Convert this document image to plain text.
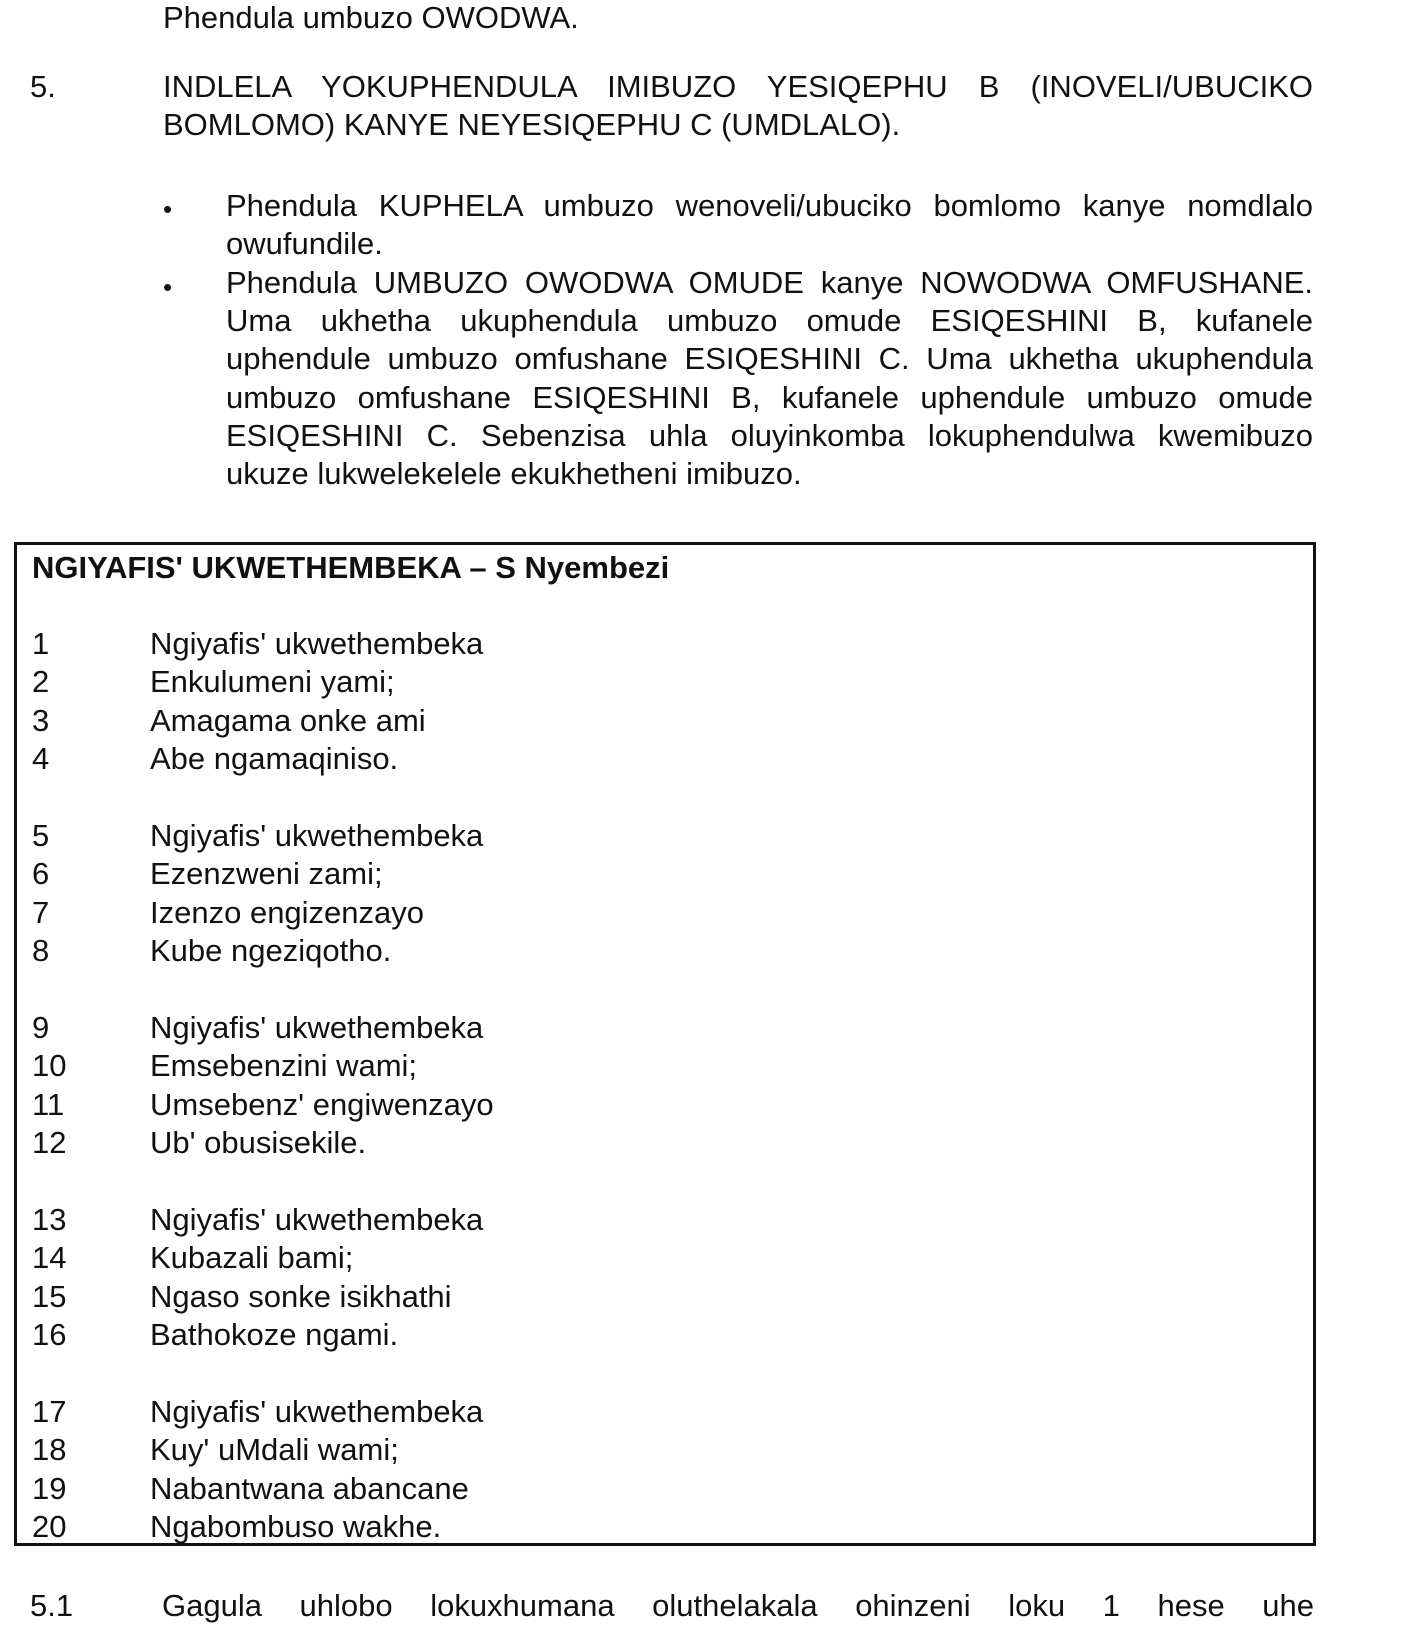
Phendula umbuzo OWODWA.
5.	INDLELA YOKUPHENDULA IMIBUZO YESIQEPHU B (INOVELI/UBUCIKO BOMLOMO) KANYE NEYESIQEPHU C (UMDLALO).
• Phendula KUPHELA umbuzo wenoveli/ubuciko bomlomo kanye nomdlalo owufundile.
• Phendula UMBUZO OWODWA OMUDE kanye NOWODWA OMFUSHANE. Uma ukhetha ukuphendula umbuzo omude ESIQESHINI B, kufanele uphendule umbuzo omfushane ESIQESHINI C. Uma ukhetha ukuphendula umbuzo omfushane ESIQESHINI B, kufanele uphendule umbuzo omude ESIQESHINI C. Sebenzisa uhla oluyinkomba lokuphendulwa kwemibuzo ukuze lukwelekelele ekukhetheni imibuzo.
NGIYAFIS' UKWETHEMBEKA – S Nyembezi
1	Ngiyafis' ukwethembeka
2	Enkulumeni yami;
3	Amagama onke ami
4	Abe ngamaqiniso.
5	Ngiyafis' ukwethembeka
6	Ezenzweni zami;
7	Izenzo engizenzayo
8	Kube ngeziqotho.
9	Ngiyafis' ukwethembeka
10	Emsebenzini wami;
11	Umsebenz' engiwenzayo
12	Ub' obusisekile.
13	Ngiyafis' ukwethembeka
14	Kubazali bami;
15	Ngaso sonke isikhathi
16	Bathokoze ngami.
17	Ngiyafis' ukwethembeka
18	Kuy' uMdali wami;
19	Nabantwana abancane
20	Ngabombuso wakhe.
5.1	Gagula uhlobo lokuxhumana oluthelakala ohinzeni loku 1 hese uhe
